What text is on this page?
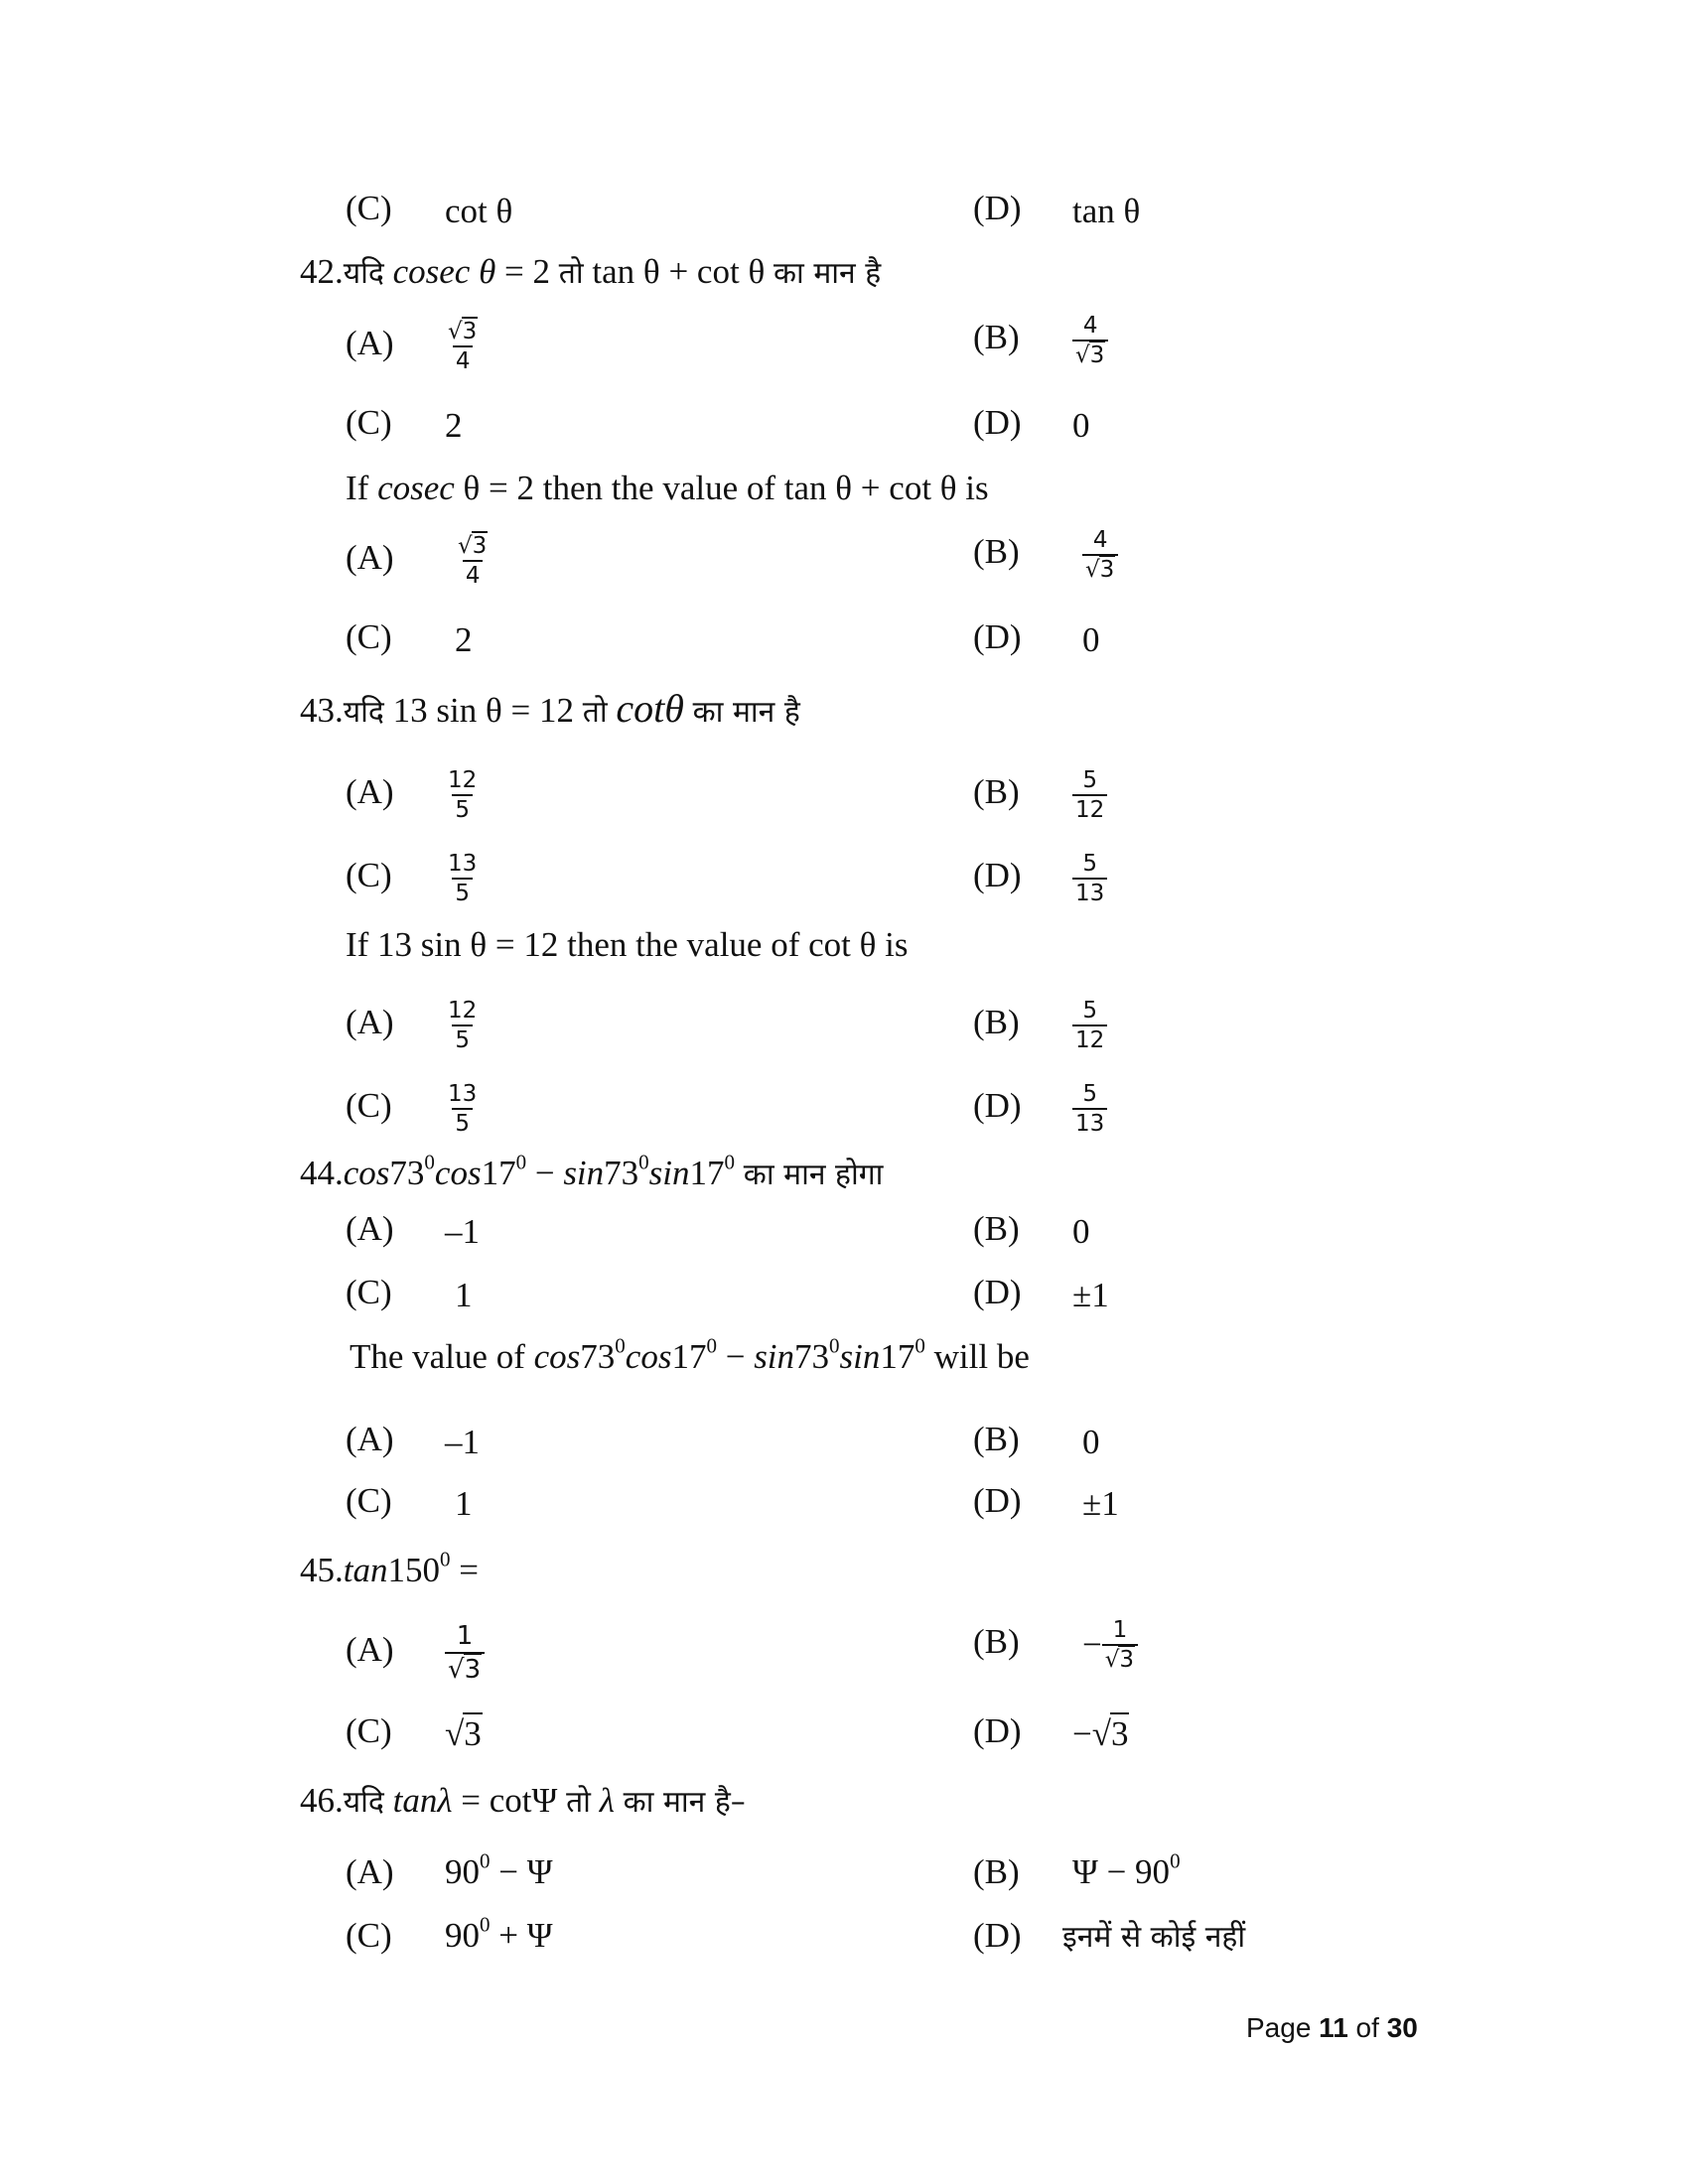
(C) cot θ	(D) tan θ
42.यदि cosec θ = 2 तो tan θ + cot θ का मान है
$(A) \frac{√3}{4}$	$(B) \frac{4}{√3}$
(C) 2	(D) 0
If cosec θ = 2 then the value of tan θ + cot θ is
(A)	$\frac{√3}{4}$	(B)	$\frac{4}{√3}$
(C) 2	(D) 0
43.यदि 13 sin θ = 12 तो cotθ का मान है
$(A) \frac{12}{5}$	$(B) \frac{5}{12}$
$(C) \frac{13}{5}$	$(D) \frac{5}{13}$
If 13 sin θ = 12 then the value of cot θ is
$(A) \frac{12}{5}$	$(B) \frac{5}{12}$
$(C) \frac{13}{5}$	$(D) \frac{5}{13}$
$44.\cos 73^0\cos 17^0 - \sin 73^0\sin 17^0$ का मान होगा
(A) –1	(B) 0
(C) 1	(D) ±1
The value of $\cos 73^0\cos 17^0 - \sin 73^0\sin 17^0$ will be
(A) –1	(B) 0
(C) 1	(D) ±1
$45.\tan 150^0$ =
$(A) \frac{1}{√3}$	$(B) - \frac{1}{√3}$
(C) √3	(D) −√3
46.यदि tanλ = cotΨ तो λ का मान है–
(A) $90^0 - \Psi$	(B) $\Psi - 90^0$
(C) $90^0 + \Psi$	(D) इनमें से कोई नहीं
Page 11 of 30
